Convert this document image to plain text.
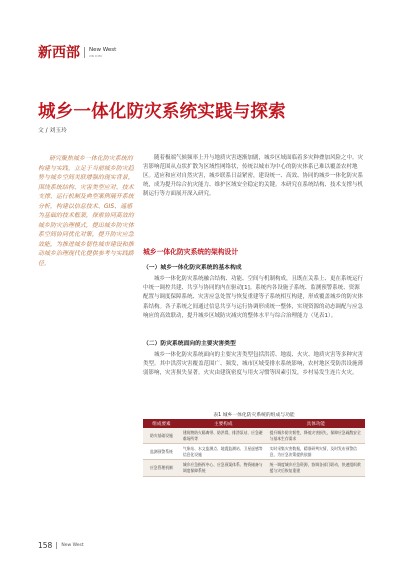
新西部 New West
XIN XI BU
城乡一体化防灾系统实践与探索
文 / 刘玉玲
研究聚焦城乡一体化防灾系统的构建与实践。立足于当前城乡防灾趋势与城乡空间关联增强的现实背景，围绕系统结构、灾害类型应对、技术支撑、运行机制及典型案例展开系统分析，构建以信息技术、GIS、遥感为基础的技术框架，探索协同高效的城乡防灾治理模式，提出城乡防灾体系空间协同优化对策，提升防灾应急效能，为推进城乡韧性城市建设和推动城乡治理现代化提供参考与实践路径。

随着极端气候频率上升与地质灾害逐渐加剧，城乡区域面临着多灾种叠加风险之中。灾害影响范围从点状扩散为区域性网络状，传统以城市为中心的防灾体系已难以覆盖农村地区。适应和应对自然灾害，城乡联系日益紧密，建设统一、高效、协同的城乡一体化防灾系统，成为提升综合抗灾能力、维护区域安全稳定的关键。本研究在系统结构、技术支撑与机制运行等方面展开深入研究。

城乡一体化防灾系统的架构设计
（一）城乡一体化防灾系统的基本构成
城乡一体化防灾系统融合结构、功能、空间与机制构成，且既在关系上、更在系统运行中统一调控共建、共享与协同的内在驱动[1]。系统内各设施子系统、监测预警系统、资源配置与调度保障系统、灾害应急处置与恢复重建等子系统相互构建，形成覆盖城乡的防灾体系结构。各子系统之间通过信息共享与运行协调形成统一整体，实现资源的动态调配与应急响应的高效联动，提升城乡区域防灾减灾的整体水平与综合治理能力（见表1）。
（二）防灾系统面向的主要灾害类型
城乡一体化防灾系统面向的主要灾害类型包括洪涝、地震、火灾、地质灾害等多种灾害类型。其中洪涝灾害覆盖范围广、频发，城市区域受排水系统影响，农村地区受防洪设施薄弱影响，灾害损失显著。火灾由建筑密度与用火习惯等因素引发，乡村易发生连片火灾。
表1 城乡一体化防灾系统的组成与功能
组成要素	主要构成	具体功能
防灾基础设施	建筑物防火隔离带、防洪堤、排涝泵站、应急避难场所等	提升城乡防灾韧性，降低灾害损失，保障应急疏散安全与基本生存需求
监测预警系统	气象站、水文监测点、地震监测站、卫星遥感等信息化设施	实时采集灾害数据，精准研判灾情，及时发布预警信息，为应急决策提供依据
应急管理机制	城乡应急指挥中心、应急预案体系、物资储备与调度保障系统	统一调度城乡应急资源，协调各部门联动，快速组织救援与灾后恢复重建
158 New West
